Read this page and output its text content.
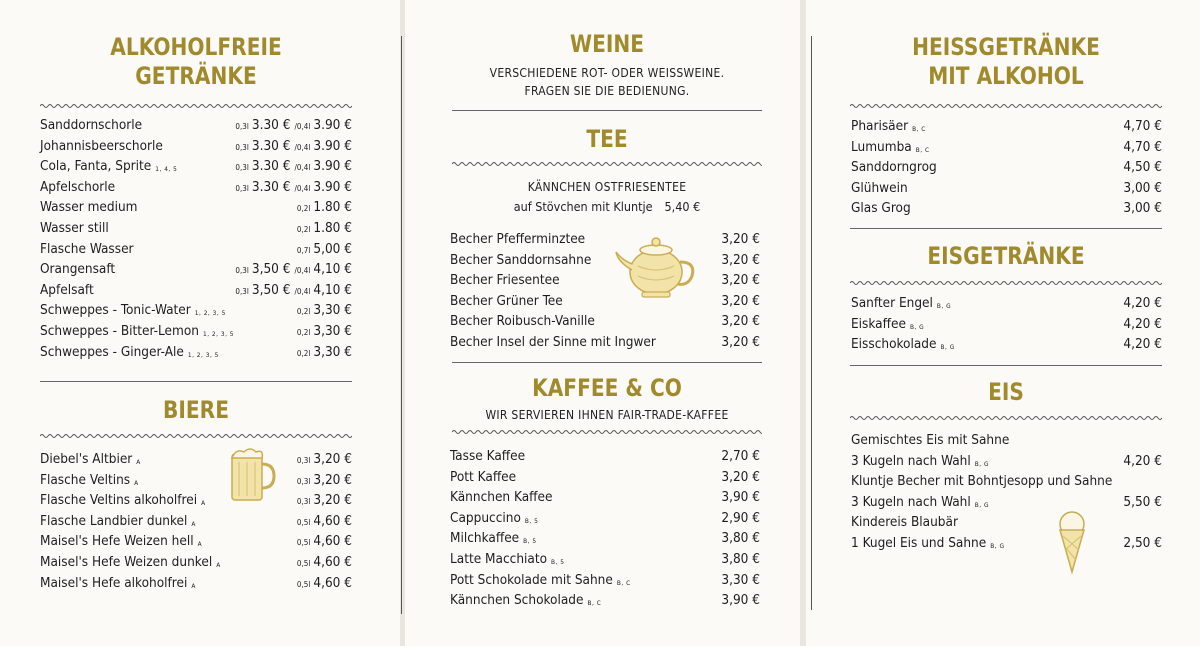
ALKOHOLFREIE
GETRÄNKE
Sanddornschorle	0,3l 3.30 € /0,4l 3.90 €
Johannisbeerschorle	0,3l 3.30 € /0,4l 3.90 €
Cola, Fanta, Sprite 1, 4, 5	0,3l 3.30 € /0,4l 3.90 €
Apfelschorle	0,3l 3.30 € /0,4l 3.90 €
Wasser medium	0,2l 1.80 €
Wasser still	0,2l 1.80 €
Flasche Wasser	0,7l 5,00 €
Orangensaft	0,3l 3,50 € /0,4l 4,10 €
Apfelsaft	0,3l 3,50 € /0,4l 4,10 €
Schweppes - Tonic-Water 1, 2, 3, 5	0,2l 3,30 €
Schweppes - Bitter-Lemon 1, 2, 3, 5	0,2l 3,30 €
Schweppes - Ginger-Ale 1, 2, 3, 5	0,2l 3,30 €
BIERE
Diebel's Altbier A	0,3l 3,20 €
Flasche Veltins A	0,3l 3,20 €
Flasche Veltins alkoholfrei A	0,3l 3,20 €
Flasche Landbier dunkel A	0,5l 4,60 €
Maisel's Hefe Weizen hell A	0,5l 4,60 €
Maisel's Hefe Weizen dunkel A	0,5l 4,60 €
Maisel's Hefe alkoholfrei A	0,5l 4,60 €
WEINE
VERSCHIEDENE ROT- ODER WEISSWEINE.
FRAGEN SIE DIE BEDIENUNG.
TEE
KÄNNCHEN OSTFRIESENTEE
auf Stövchen mit Kluntje 5,40 €
Becher Pfefferminztee	3,20 €
Becher Sanddornsahne	3,20 €
Becher Friesentee	3,20 €
Becher Grüner Tee	3,20 €
Becher Roibusch-Vanille	3,20 €
Becher Insel der Sinne mit Ingwer	3,20 €
KAFFEE & CO
WIR SERVIEREN IHNEN FAIR-TRADE-KAFFEE
Tasse Kaffee	2,70 €
Pott Kaffee	3,20 €
Kännchen Kaffee	3,90 €
Cappuccino B, 5	2,90 €
Milchkaffee B, 5	3,80 €
Latte Macchiato B, 5	3,80 €
Pott Schokolade mit Sahne B, C	3,30 €
Kännchen Schokolade B, C	3,90 €
HEISSGETRÄNKE
MIT ALKOHOL
Pharisäer B, C	4,70 €
Lumumba B, C	4,70 €
Sanddorngrog	4,50 €
Glühwein	3,00 €
Glas Grog	3,00 €
EISGETRÄNKE
Sanfter Engel B, G	4,20 €
Eiskaffee B, G	4,20 €
Eisschokolade B, G	4,20 €
EIS
Gemischtes Eis mit Sahne
3 Kugeln nach Wahl B, G	4,20 €
Kluntje Becher mit Bohntjesopp und Sahne
3 Kugeln nach Wahl B, G	5,50 €
Kindereis Blaubär
1 Kugel Eis und Sahne B, G	2,50 €
